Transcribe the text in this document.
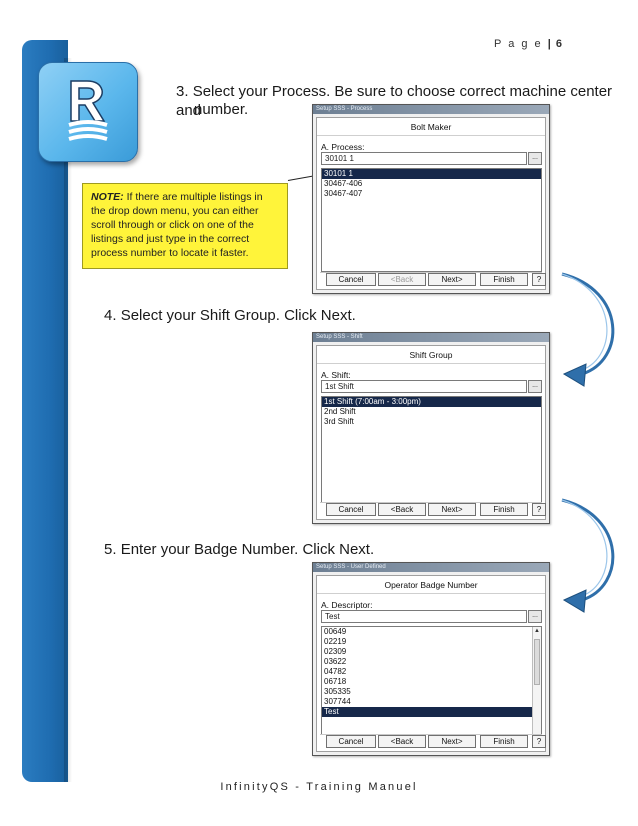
P a g e | 6
3. Select your Process. Be sure to choose correct machine center and
number.
NOTE: If there are multiple listings in the drop down menu, you can either scroll through or click on one of the listings and just type in the correct process number to locate it faster.
Setup SSS - Process
Bolt Maker
A. Process:
30101 1	...
30101 1
30467-406
30467-407
Cancel	<Back	Next>	Finish	?
4. Select your Shift Group. Click Next.
Setup SSS - Shift
Shift Group
A. Shift:
1st Shift	...
1st Shift (7:00am - 3:00pm)
2nd Shift
3rd Shift
Cancel	<Back	Next>	Finish	?
5. Enter your Badge Number. Click Next.
Setup SSS - User Defined
Operator Badge Number
A. Descriptor:
Test	...
00649
02219
02309
03622
04782
06718
305335
307744
Test
▲
Cancel	<Back	Next>	Finish	?
InfinityQS - Training Manuel
